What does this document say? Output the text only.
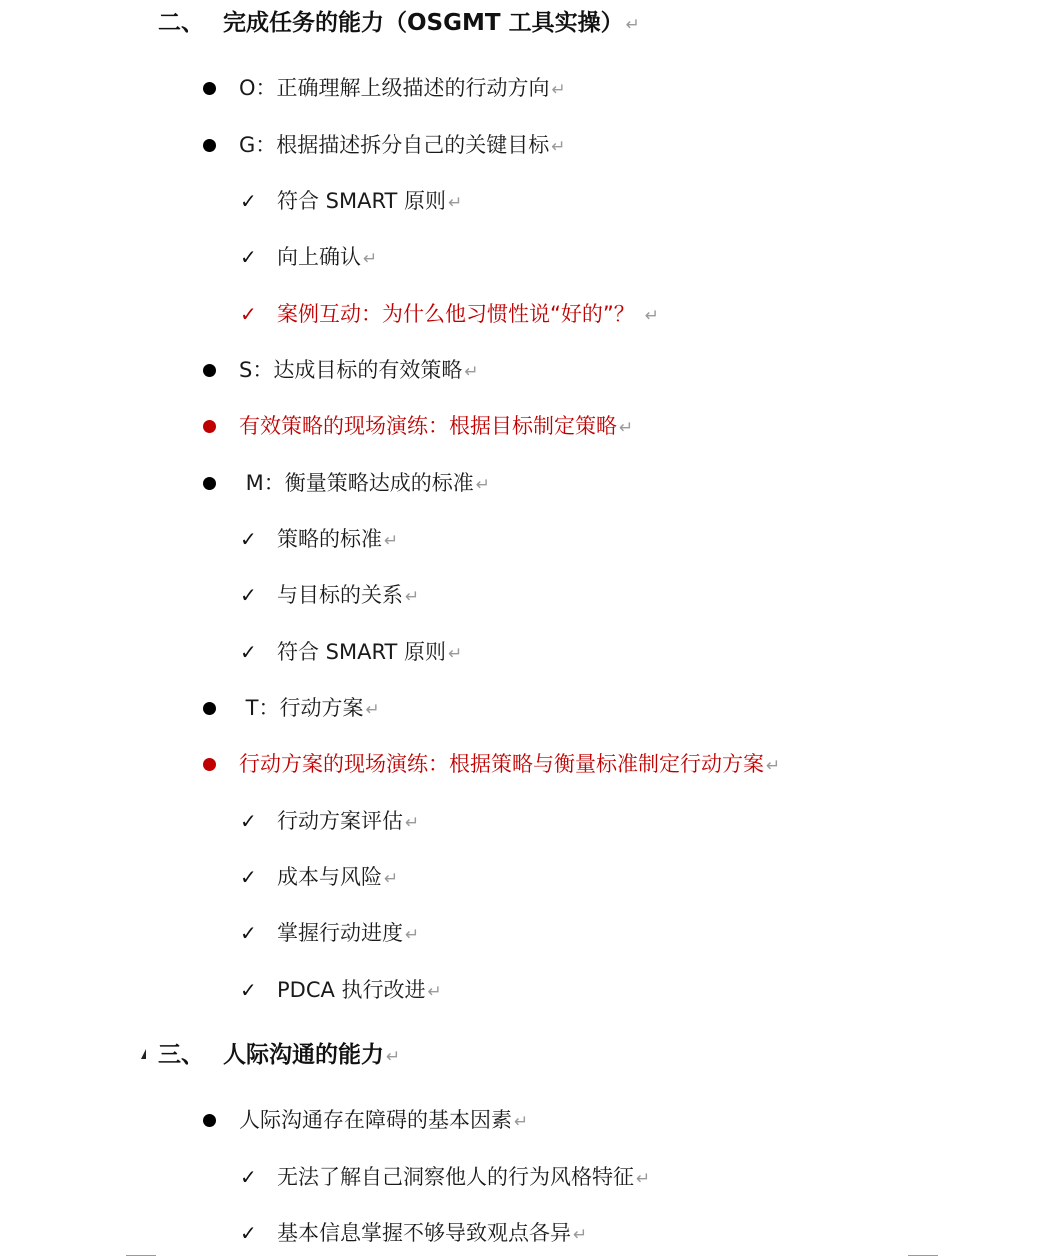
二、 完成任务的能力（OSGMT 工具实操） ↵
O：正确理解上级描述的行动方向 ↵
G：根据描述拆分自己的关键目标 ↵
✓ 符合 SMART 原则 ↵
✓ 向上确认 ↵
✓ 案例互动：为什么他习惯性说“好的”？ ↵
S：达成目标的有效策略 ↵
有效策略的现场演练：根据目标制定策略 ↵
M：衡量策略达成的标准 ↵
✓ 策略的标准 ↵
✓ 与目标的关系 ↵
✓ 符合 SMART 原则 ↵
T：行动方案 ↵
行动方案的现场演练：根据策略与衡量标准制定行动方案 ↵
✓ 行动方案评估 ↵
✓ 成本与风险 ↵
✓ 掌握行动进度 ↵
✓ PDCA 执行改进 ↵
三、 人际沟通的能力 ↵
人际沟通存在障碍的基本因素 ↵
✓ 无法了解自己洞察他人的行为风格特征 ↵
✓ 基本信息掌握不够导致观点各异 ↵
